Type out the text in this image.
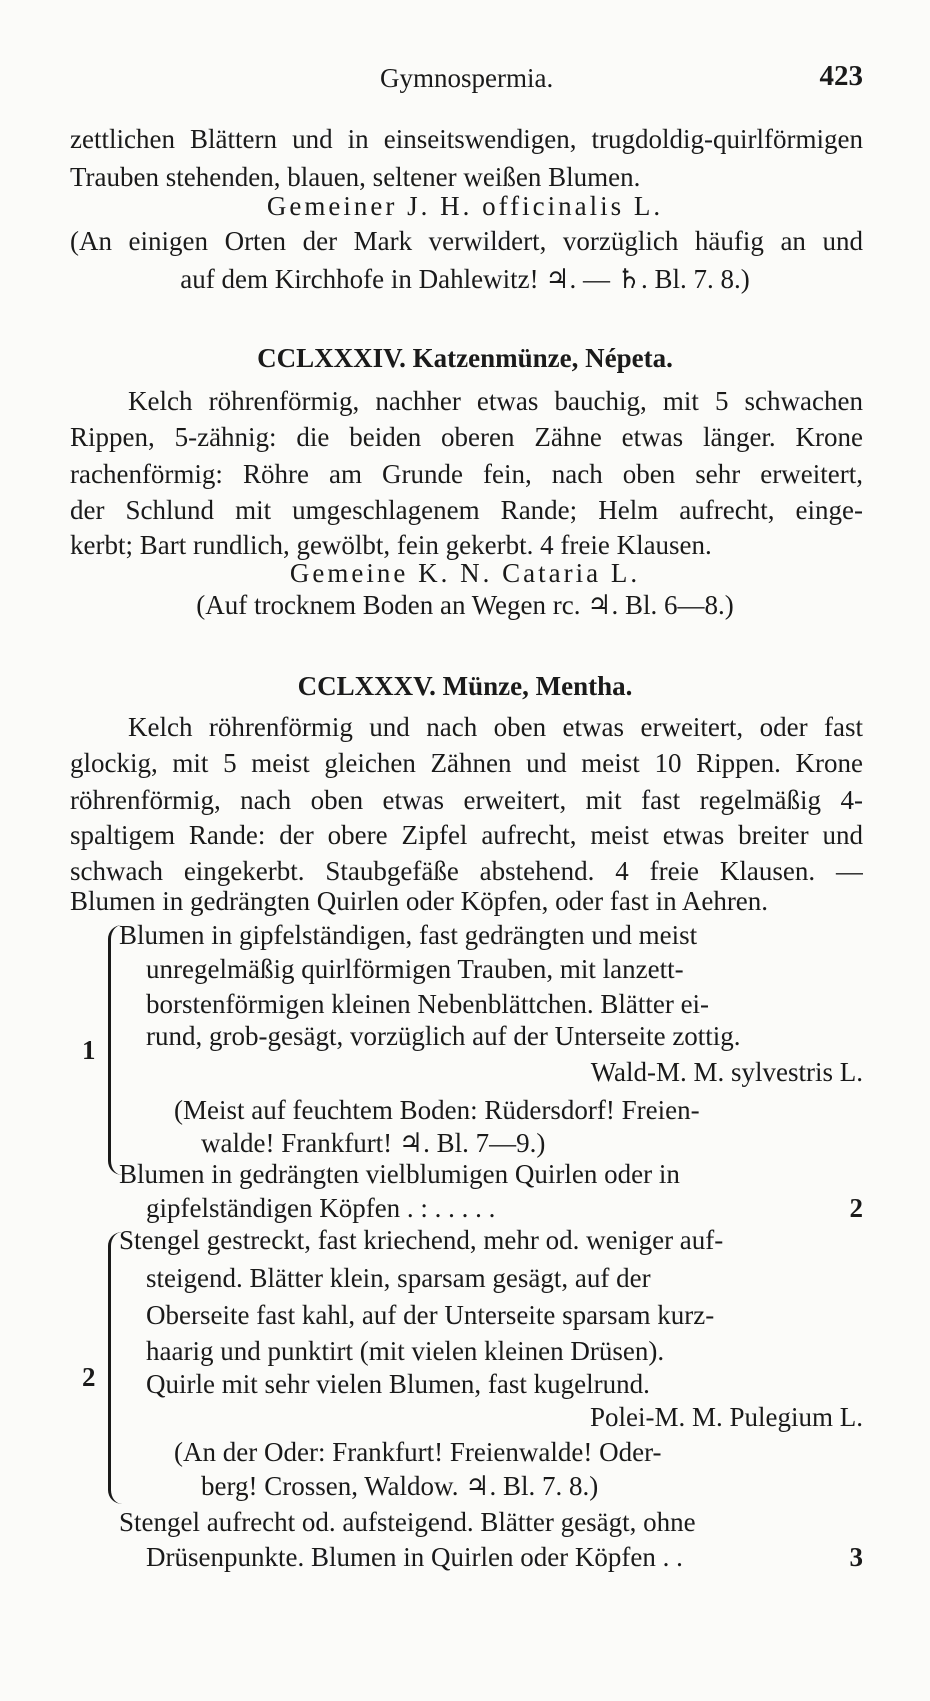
Gymnospermia.	423
zettlichen Blättern und in einseitswendigen, trugdoldig-quirlförmigen
Trauben stehenden, blauen, seltener weißen Blumen.
Gemeiner J. H. officinalis L.
(An einigen Orten der Mark verwildert, vorzüglich häufig an und
auf dem Kirchhofe in Dahlewitz! ♃. — ♄. Bl. 7. 8.)
CCLXXXIV. Katzenmünze, Népeta.
Kelch röhrenförmig, nachher etwas bauchig, mit 5 schwachen
Rippen, 5-zähnig: die beiden oberen Zähne etwas länger. Krone
rachenförmig: Röhre am Grunde fein, nach oben sehr erweitert,
der Schlund mit umgeschlagenem Rande; Helm aufrecht, einge-
kerbt; Bart rundlich, gewölbt, fein gekerbt. 4 freie Klausen.
Gemeine K. N. Cataria L.
(Auf trocknem Boden an Wegen rc. ♃. Bl. 6—8.)
CCLXXXV. Münze, Mentha.
Kelch röhrenförmig und nach oben etwas erweitert, oder fast
glockig, mit 5 meist gleichen Zähnen und meist 10 Rippen. Krone
röhrenförmig, nach oben etwas erweitert, mit fast regelmäßig 4-
spaltigem Rande: der obere Zipfel aufrecht, meist etwas breiter und
schwach eingekerbt. Staubgefäße abstehend. 4 freie Klausen. —
Blumen in gedrängten Quirlen oder Köpfen, oder fast in Aehren.
1
Blumen in gipfelständigen, fast gedrängten und meist
unregelmäßig quirlförmigen Trauben, mit lanzett-
borstenförmigen kleinen Nebenblättchen. Blätter ei-
rund, grob-gesägt, vorzüglich auf der Unterseite zottig.
Wald-M. M. sylvestris L.
(Meist auf feuchtem Boden: Rüdersdorf! Freien-
walde! Frankfurt! ♃. Bl. 7—9.)
Blumen in gedrängten vielblumigen Quirlen oder in
gipfelständigen Köpfen . : . . . . .	2
2
Stengel gestreckt, fast kriechend, mehr od. weniger auf-
steigend. Blätter klein, sparsam gesägt, auf der
Oberseite fast kahl, auf der Unterseite sparsam kurz-
haarig und punktirt (mit vielen kleinen Drüsen).
Quirle mit sehr vielen Blumen, fast kugelrund.
Polei-M. M. Pulegium L.
(An der Oder: Frankfurt! Freienwalde! Oder-
berg! Crossen, Waldow. ♃. Bl. 7. 8.)
Stengel aufrecht od. aufsteigend. Blätter gesägt, ohne
Drüsenpunkte. Blumen in Quirlen oder Köpfen . .	3
